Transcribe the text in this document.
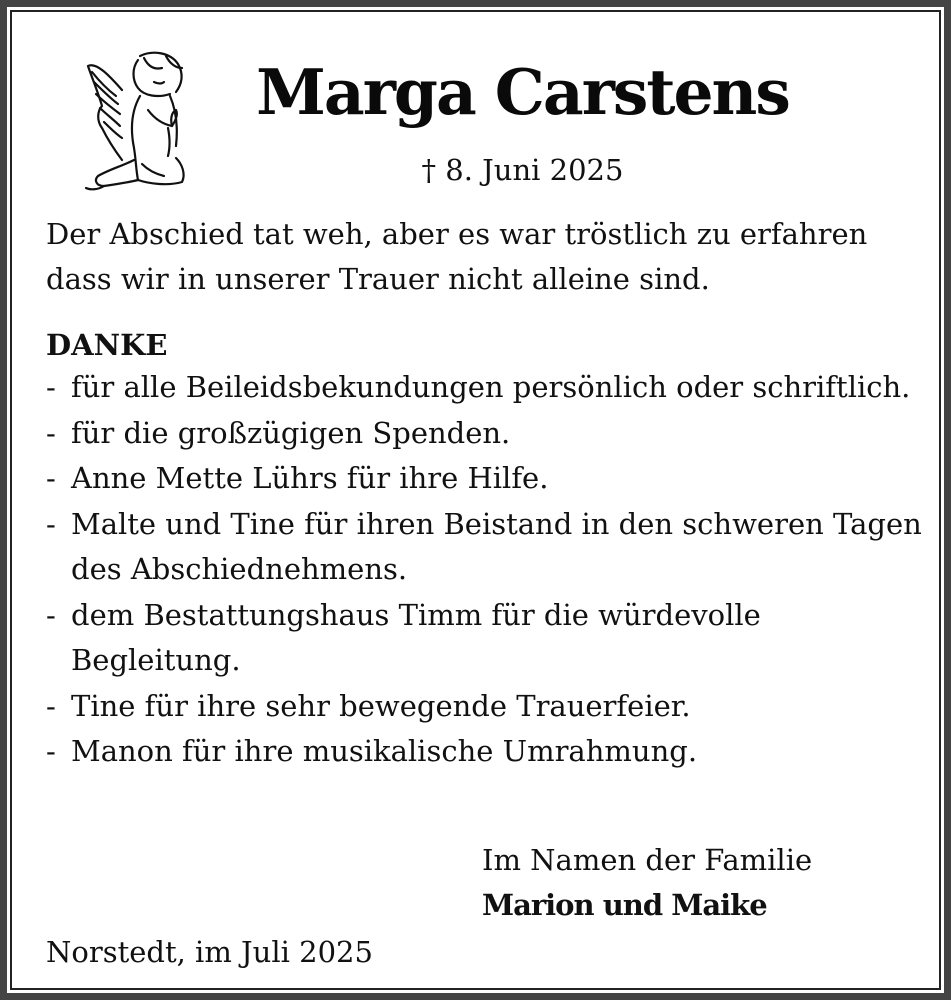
Marga Carstens
† 8. Juni 2025
Der Abschied tat weh, aber es war tröstlich zu erfahren
dass wir in unserer Trauer nicht alleine sind.
DANKE
- für alle Beileidsbekundungen persönlich oder schriftlich.
- für die großzügigen Spenden.
- Anne Mette Lührs für ihre Hilfe.
- Malte und Tine für ihren Beistand in den schweren Tagen des Abschiednehmens.
- dem Bestattungshaus Timm für die würdevolle Begleitung.
- Tine für ihre sehr bewegende Trauerfeier.
- Manon für ihre musikalische Umrahmung.
Im Namen der Familie
Marion und Maike
Norstedt, im Juli 2025
